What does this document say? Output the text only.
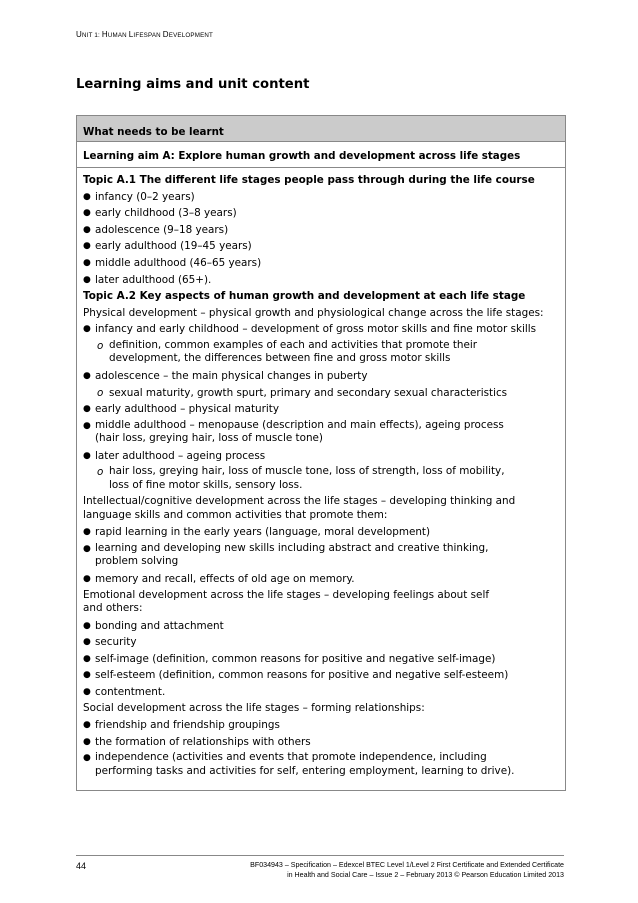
UNIT 1: HUMAN LIFESPAN DEVELOPMENT
Learning aims and unit content
What needs to be learnt
Learning aim A: Explore human growth and development across life stages
Topic A.1 The different life stages people pass through during the life course
● infancy (0–2 years)
● early childhood (3–8 years)
● adolescence (9–18 years)
● early adulthood (19–45 years)
● middle adulthood (46–65 years)
● later adulthood (65+).
Topic A.2 Key aspects of human growth and development at each life stage
Physical development – physical growth and physiological change across the life stages:
● infancy and early childhood – development of gross motor skills and fine motor skills
o definition, common examples of each and activities that promote their
development, the differences between fine and gross motor skills
● adolescence – the main physical changes in puberty
o sexual maturity, growth spurt, primary and secondary sexual characteristics
● early adulthood – physical maturity
● middle adulthood – menopause (description and main effects), ageing process
(hair loss, greying hair, loss of muscle tone)
● later adulthood – ageing process
o hair loss, greying hair, loss of muscle tone, loss of strength, loss of mobility,
loss of fine motor skills, sensory loss.
Intellectual/cognitive development across the life stages – developing thinking and
language skills and common activities that promote them:
● rapid learning in the early years (language, moral development)
● learning and developing new skills including abstract and creative thinking,
problem solving
● memory and recall, effects of old age on memory.
Emotional development across the life stages – developing feelings about self
and others:
● bonding and attachment
● security
● self-image (definition, common reasons for positive and negative self-image)
● self-esteem (definition, common reasons for positive and negative self-esteem)
● contentment.
Social development across the life stages – forming relationships:
● friendship and friendship groupings
● the formation of relationships with others
● independence (activities and events that promote independence, including
performing tasks and activities for self, entering employment, learning to drive).
44	BF034943 – Specification – Edexcel BTEC Level 1/Level 2 First Certificate and Extended Certificate
in Health and Social Care – Issue 2 – February 2013 © Pearson Education Limited 2013
